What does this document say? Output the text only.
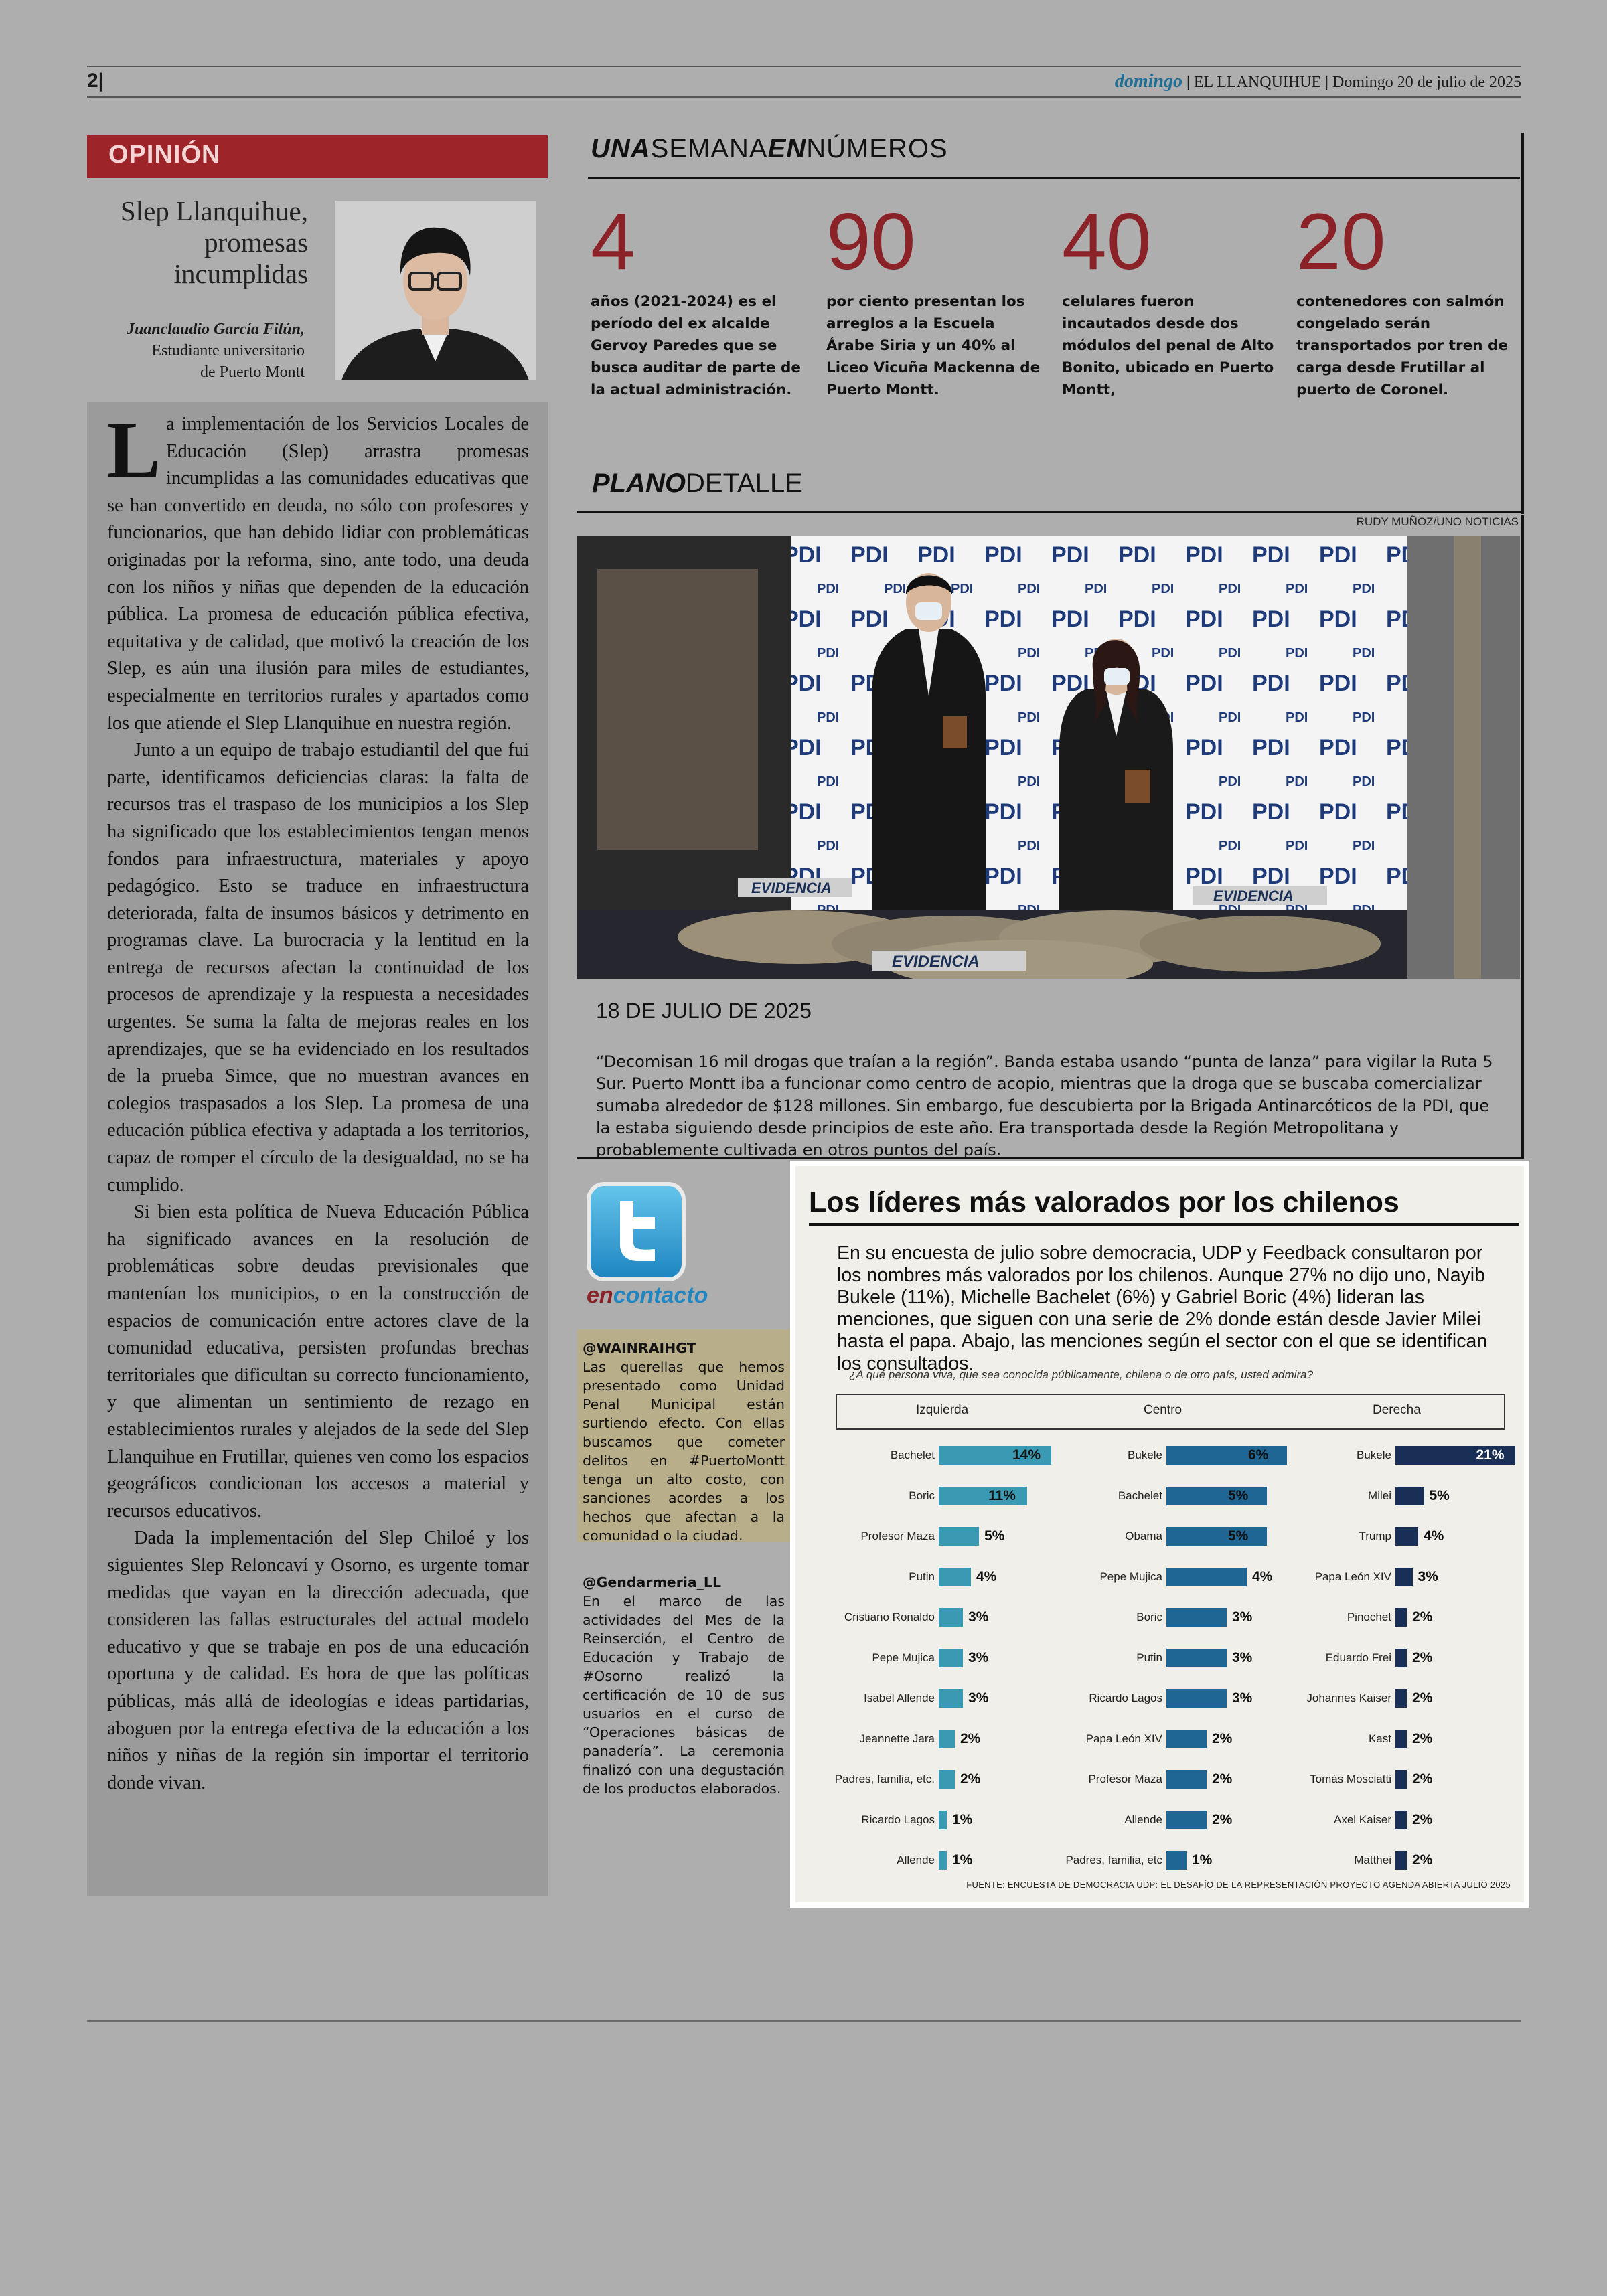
2|	domingo | EL LLANQUIHUE | Domingo 20 de julio de 2025
OPINIÓN
Slep Llanquihue,
promesas
incumplidas
Juanclaudio García Filún,
Estudiante universitario
de Puerto Montt

La implementación de los Servicios Locales de Educación (Slep) arrastra promesas incumplidas a las comunidades educativas que se han convertido en deuda, no sólo con profesores y funcionarios, que han debido lidiar con problemáticas originadas por la reforma, sino, ante todo, una deuda con los niños y niñas que dependen de la educación pública. La promesa de educación pública efectiva, equitativa y de calidad, que motivó la creación de los Slep, es aún una ilusión para miles de estudiantes, especialmente en territorios rurales y apartados como los que atiende el Slep Llanquihue en nuestra región.

Junto a un equipo de trabajo estudiantil del que fui parte, identificamos deficiencias claras: la falta de recursos tras el traspaso de los municipios a los Slep ha significado que los establecimientos tengan menos fondos para infraestructura, materiales y apoyo pedagógico. Esto se traduce en infraestructura deteriorada, falta de insumos básicos y detrimento en programas clave. La burocracia y la lentitud en la entrega de recursos afectan la continuidad de los procesos de aprendizaje y la respuesta a necesidades urgentes. Se suma la falta de mejoras reales en los aprendizajes, que se ha evidenciado en los resultados de la prueba Simce, que no muestran avances en colegios traspasados a los Slep. La promesa de una educación pública efectiva y adaptada a los territorios, capaz de romper el círculo de la desigualdad, no se ha cumplido.

Si bien esta política de Nueva Educación Pública ha significado avances en la resolución de problemáticas sobre deudas previsionales que mantenían los municipios, o en la construcción de espacios de comunicación entre actores clave de la comunidad educativa, persisten profundas brechas territoriales que dificultan su correcto funcionamiento, y que alimentan un sentimiento de rezago en establecimientos rurales y alejados de la sede del Slep Llanquihue en Frutillar, quienes ven como los espacios geográficos condicionan los accesos a material y recursos educativos.

Dada la implementación del Slep Chiloé y los siguientes Slep Reloncaví y Osorno, es urgente tomar medidas que vayan en la dirección adecuada, que consideren las fallas estructurales del actual modelo educativo y que se trabaje en pos de una educación oportuna y de calidad. Es hora de que las políticas públicas, más allá de ideologías e ideas partidarias, aboguen por la entrega efectiva de la educación a los niños y niñas de la región sin importar el territorio donde vivan.

UNASEMANAENNÚMEROS
4
años (2021-2024) es el período del ex alcalde Gervoy Paredes que se busca auditar de parte de la actual administración.
90
por ciento presentan los arreglos a la Escuela Árabe Siria y un 40% al Liceo Vicuña Mackenna de Puerto Montt.
40
celulares fueron incautados desde dos módulos del penal de Alto Bonito, ubicado en Puerto Montt,
20
contenedores con salmón congelado serán transportados por tren de carga desde Frutillar al puerto de Coronel.
PLANODETALLE
RUDY MUÑOZ/UNO NOTICIAS
EVIDENCIA	EVIDENCIA
EVIDENCIA
18 DE JULIO DE 2025
“Decomisan 16 mil drogas que traían a la región”. Banda estaba usando “punta de lanza” para vigilar la Ruta 5 Sur. Puerto Montt iba a funcionar como centro de acopio, mientras que la droga que se buscaba comercializar sumaba alrededor de $128 millones. Sin embargo, fue descubierta por la Brigada Antinarcóticos de la PDI, que la estaba siguiendo desde principios de este año. Era transportada desde la Región Metropolitana y probablemente cultivada en otros puntos del país.
encontacto
@WAINRAIHGT
Las querellas que hemos presentado como Unidad Penal Municipal están surtiendo efecto. Con ellas buscamos que cometer delitos en #PuertoMontt tenga un alto costo, con sanciones acordes a los hechos que afectan a la comunidad o la ciudad.
@Gendarmeria_LL
En el marco de las actividades del Mes de la Reinserción, el Centro de Educación y Trabajo de #Osorno realizó la certificación de 10 de sus usuarios en el curso de “Operaciones básicas de panadería”. La ceremonia finalizó con una degustación de los productos elaborados.
Los líderes más valorados por los chilenos
En su encuesta de julio sobre democracia, UDP y Feedback consultaron por los nombres más valorados por los chilenos. Aunque 27% no dijo uno, Nayib Bukele (11%), Michelle Bachelet (6%) y Gabriel Boric (4%) lideran las menciones, que siguen con una serie de 2% donde están desde Javier Milei hasta el papa. Abajo, las menciones según el sector con el que se identifican los consultados.
¿A qué persona viva, que sea conocida públicamente, chilena o de otro país, usted admira?
Izquierda	Centro	Derecha
Bachelet	14%
Boric	11%
Profesor Maza	5%
Putin	4%
Cristiano Ronaldo 3%
Pepe Mujica 3%
Isabel Allende 3%
Jeannette Jara 2%
Padres, familia, etc. 2%
Ricardo Lagos 1%
Allende 1%
Bukele	6%
Bachelet	5%
Obama	5%
Pepe Mujica	4%
Boric	3%
Putin	3%
Ricardo Lagos	3%
Papa León XIV	2%
Profesor Maza	2%
Allende	2%
Padres, familia, etc 1%
Bukele	21%
Milei	5%
Trump 4%
Papa León XIV 3%
Pinochet 2%
Eduardo Frei 2%
Johannes Kaiser 2%
Kast 2%
Tomás Mosciatti 2%
Axel Kaiser 2%
Matthei 2%
FUENTE: ENCUESTA DE DEMOCRACIA UDP: EL DESAFÍO DE LA REPRESENTACIÓN PROYECTO AGENDA ABIERTA JULIO 2025
